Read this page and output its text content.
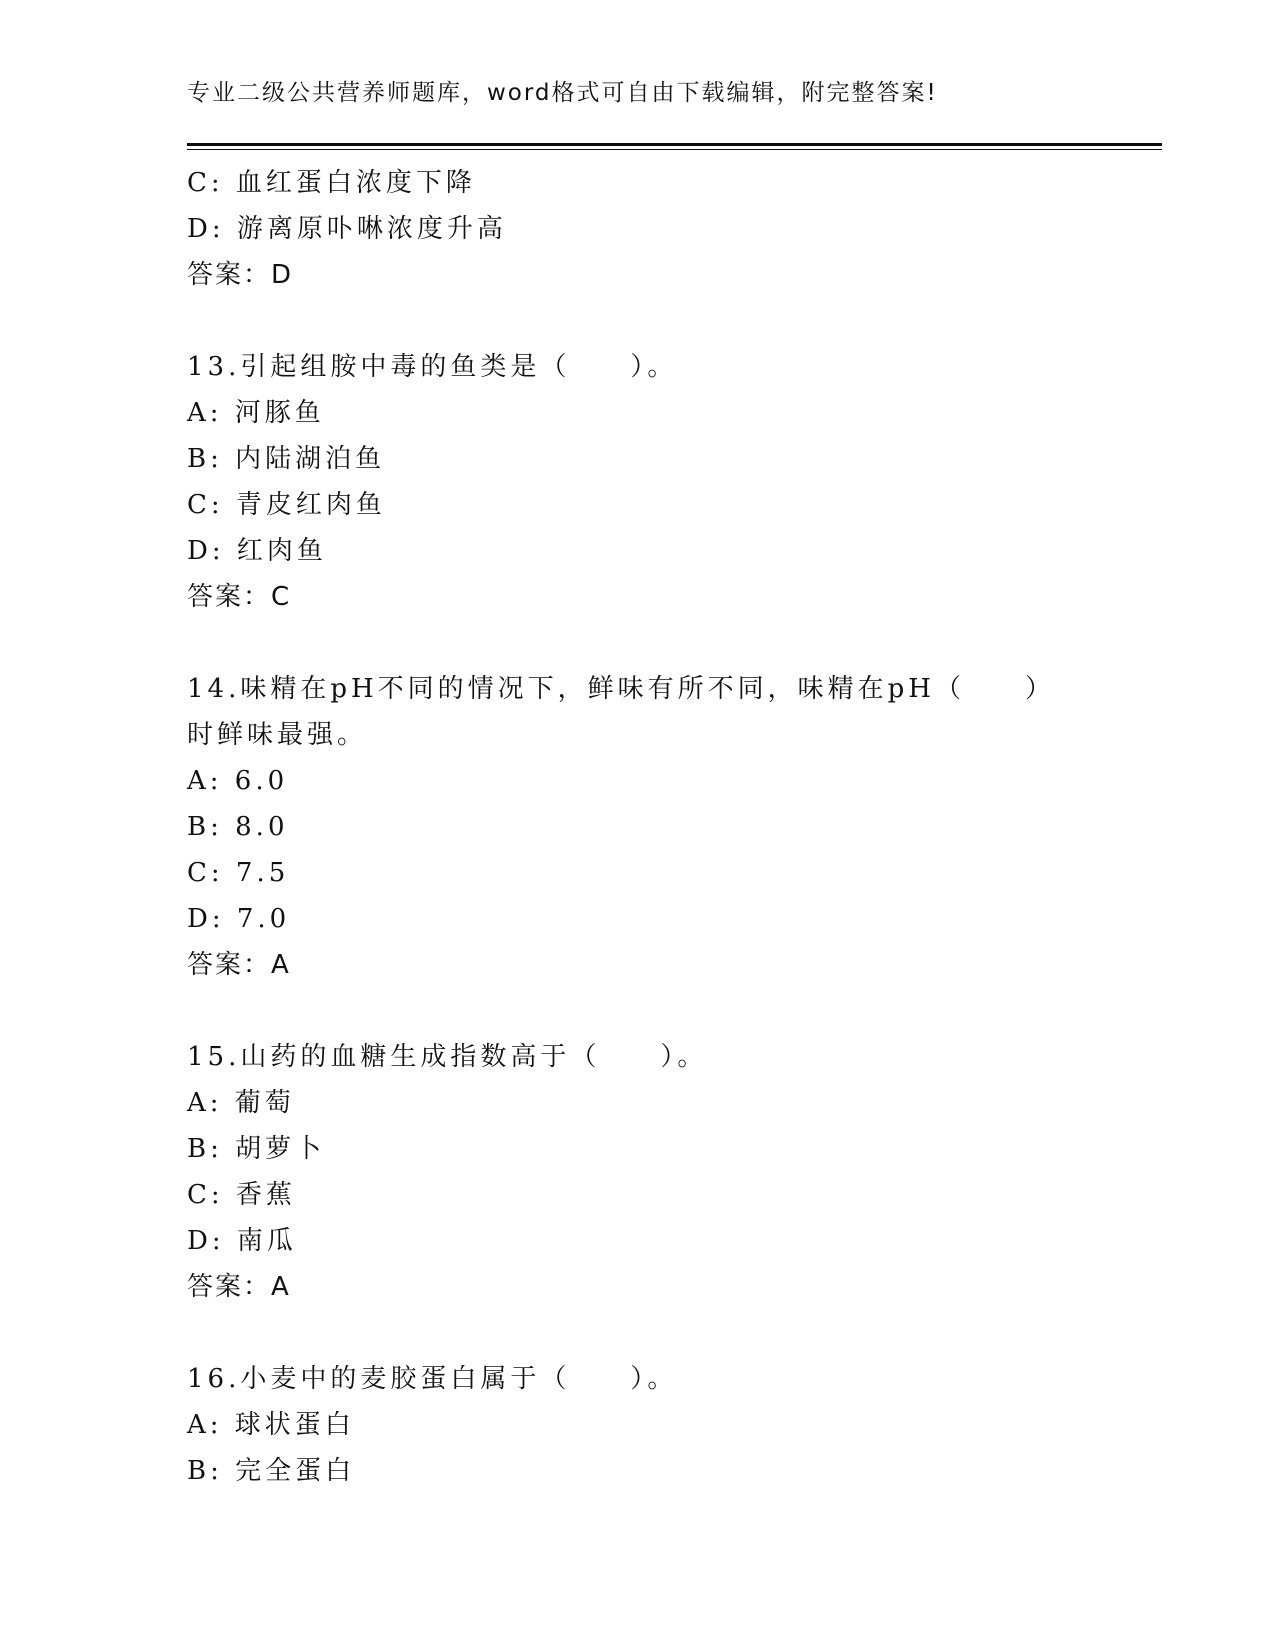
专业二级公共营养师题库，word格式可自由下载编辑，附完整答案!
C: 血红蛋白浓度下降
D: 游离原卟啉浓度升高
答案：D
13.引起组胺中毒的鱼类是（　　）。
A: 河豚鱼
B: 内陆湖泊鱼
C: 青皮红肉鱼
D: 红肉鱼
答案：C
14.味精在pH不同的情况下，鲜味有所不同，味精在pH（　　）时鲜味最强。
A: 6.0
B: 8.0
C: 7.5
D: 7.0
答案：A
15.山药的血糖生成指数高于（　　）。
A: 葡萄
B: 胡萝卜
C: 香蕉
D: 南瓜
答案：A
16.小麦中的麦胶蛋白属于（　　）。
A: 球状蛋白
B: 完全蛋白
